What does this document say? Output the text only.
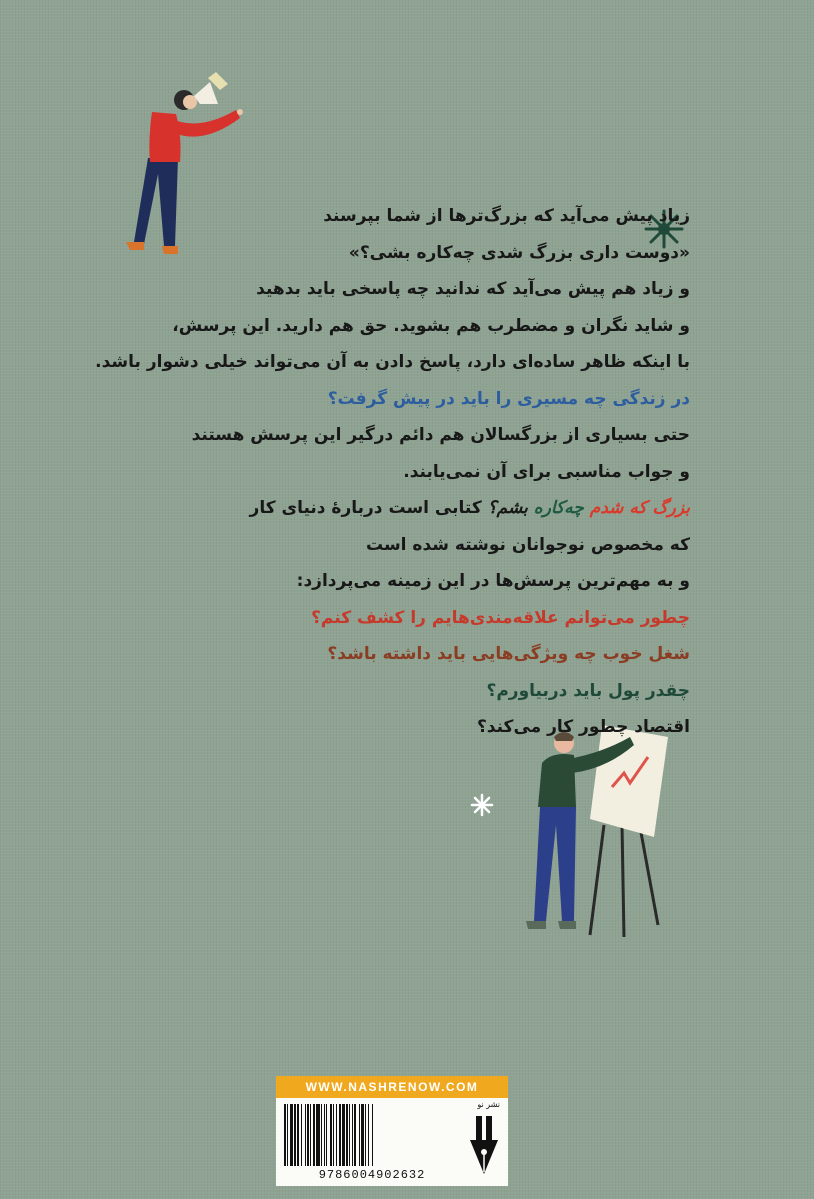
زیاد پیش می‌آید که بزرگ‌ترها از شما بپرسند
«دوست داری بزرگ شدی چه‌کاره بشی؟»
و زیاد هم پیش می‌آید که ندانید چه پاسخی باید بدهید
و شاید نگران و مضطرب هم بشوید. حق هم دارید. این پرسش،
با اینکه ظاهر ساده‌ای دارد، پاسخ دادن به آن می‌تواند خیلی دشوار باشد.
در زندگی چه مسیری را باید در پیش گرفت؟
حتی بسیاری از بزرگسالان هم دائم درگیر این پرسش هستند
و جواب مناسبی برای آن نمی‌یابند.
بزرگ که شدم چه‌کاره بشم؟ کتابی است دربارهٔ دنیای کار
که مخصوص نوجوانان نوشته شده است
و به مهم‌ترین پرسش‌ها در این زمینه می‌پردازد:
چطور می‌توانم علاقه‌مندی‌هایم را کشف کنم؟
شغل خوب چه ویژگی‌هایی باید داشته باشد؟
چقدر پول باید دربیاورم؟
اقتصاد چطور کار می‌کند؟
WWW.NASHRENOW.COM
9786004902632
نشر نو
